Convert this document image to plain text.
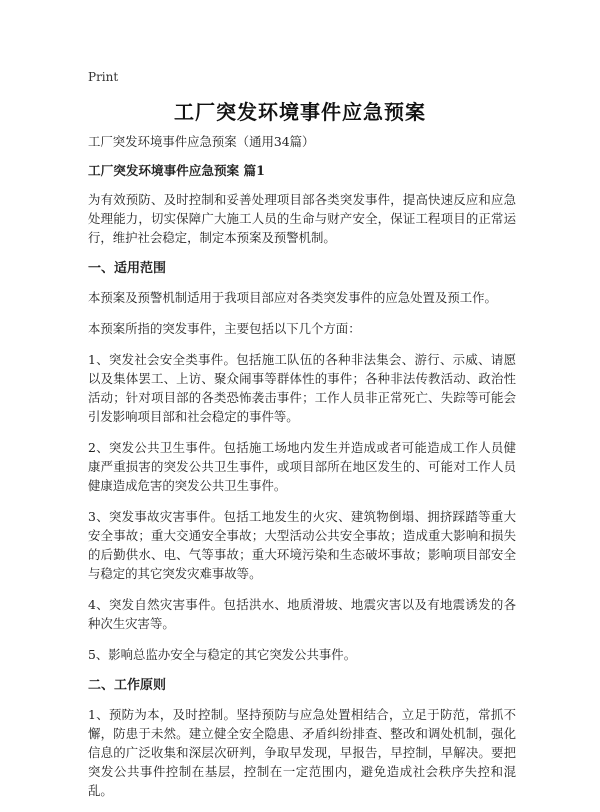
Print
工厂突发环境事件应急预案

工厂突发环境事件应急预案（通用34篇）

工厂突发环境事件应急预案 篇1

为有效预防、及时控制和妥善处理项目部各类突发事件，提高快速反应和应急处理能力，切实保障广大施工人员的生命与财产安全，保证工程项目的正常运行，维护社会稳定，制定本预案及预警机制。

一、适用范围

本预案及预警机制适用于我项目部应对各类突发事件的应急处置及预工作。

本预案所指的突发事件，主要包括以下几个方面：

1、突发社会安全类事件。包括施工队伍的各种非法集会、游行、示威、请愿以及集体罢工、上访、聚众闹事等群体性的事件；各种非法传教活动、政治性活动；针对项目部的各类恐怖袭击事件；工作人员非正常死亡、失踪等可能会引发影响项目部和社会稳定的事件等。

2、突发公共卫生事件。包括施工场地内发生并造成或者可能造成工作人员健康严重损害的突发公共卫生事件，或项目部所在地区发生的、可能对工作人员健康造成危害的突发公共卫生事件。

3、突发事故灾害事件。包括工地发生的火灾、建筑物倒塌、拥挤踩踏等重大安全事故；重大交通安全事故；大型活动公共安全事故；造成重大影响和损失的后勤供水、电、气等事故；重大环境污染和生态破坏事故；影响项目部安全与稳定的其它突发灾难事故等。

4、突发自然灾害事件。包括洪水、地质滑坡、地震灾害以及有地震诱发的各种次生灾害等。

5、影响总监办安全与稳定的其它突发公共事件。

二、工作原则

1、预防为本，及时控制。坚持预防与应急处置相结合，立足于防范，常抓不懈，防患于未然。建立健全安全隐患、矛盾纠纷排查、整改和调处机制，强化信息的广泛收集和深层次研判，争取早发现，早报告，早控制，早解决。要把突发公共事件控制在基层，控制在一定范围内，避免造成社会秩序失控和混乱。
